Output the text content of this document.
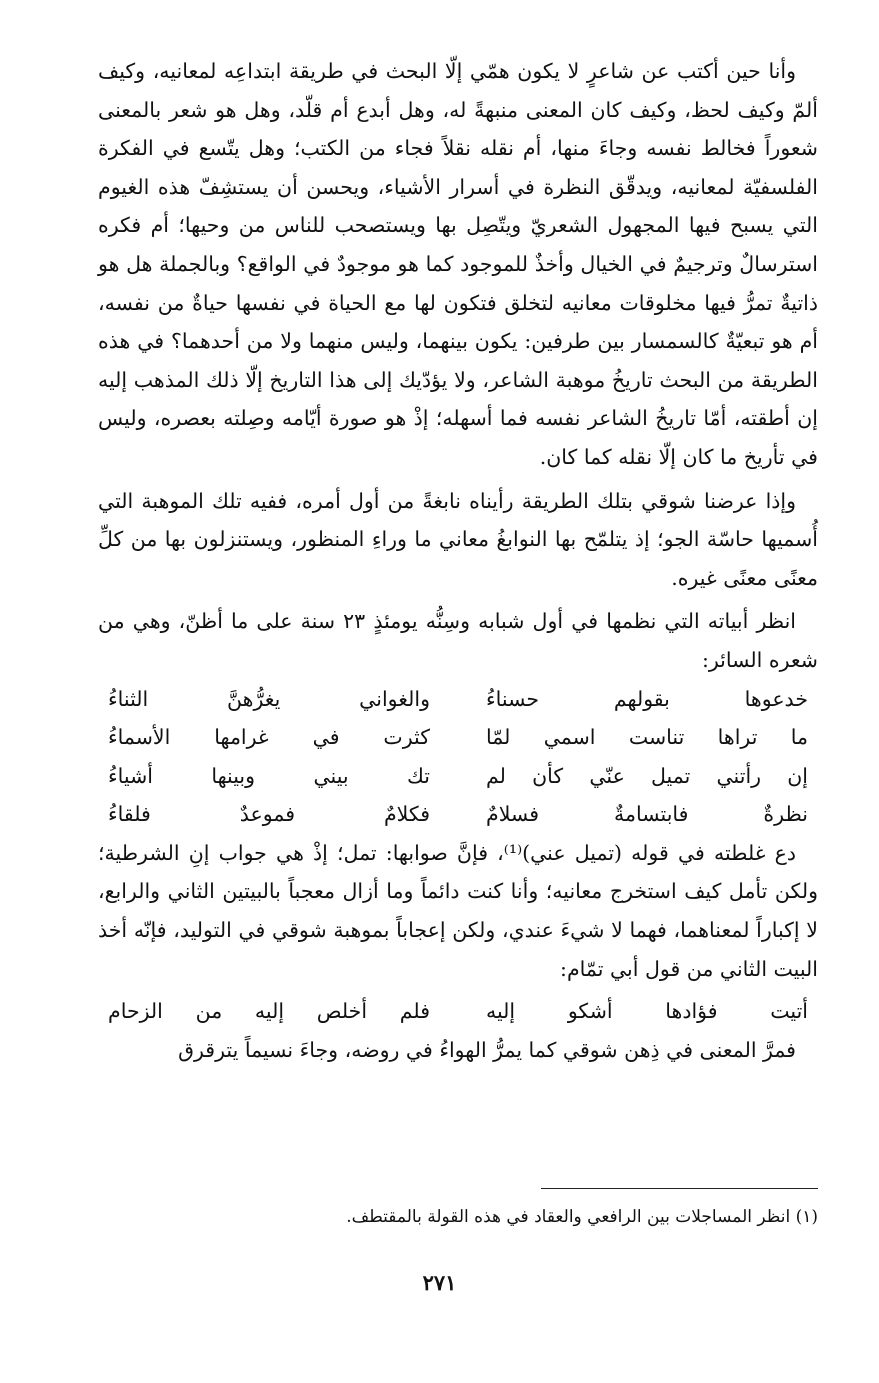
وأنا حين أكتب عن شاعرٍ لا يكون همّي إلّا البحث في طريقة ابتداعِه لمعانيه، وكيف ألمّ وكيف لحظ، وكيف كان المعنى منبهةً له، وهل أبدع أم قلّد، وهل هو شعر بالمعنى شعوراً فخالط نفسه وجاءَ منها، أم نقله نقلاً فجاء من الكتب؛ وهل يتّسع في الفكرة الفلسفيّة لمعانيه، ويدقّق النظرة في أسرار الأشياء، ويحسن أن يستشِفّ هذه الغيوم التي يسبح فيها المجهول الشعريّ ويتّصِل بها ويستصحب للناس من وحيها؛ أم فكره استرسالٌ وترجيمٌ في الخيال وأخذٌ للموجود كما هو موجودٌ في الواقع؟ وبالجملة هل هو ذاتيةٌ تمرُّ فيها مخلوقات معانيه لتخلق فتكون لها مع الحياة في نفسها حياةٌ من نفسه، أم هو تبعيّةٌ كالسمسار بين طرفين: يكون بينهما، وليس منهما ولا من أحدهما؟ في هذه الطريقة من البحث تاريخُ موهبة الشاعر، ولا يؤدّيك إلى هذا التاريخ إلّا ذلك المذهب إليه إن أطقته، أمّا تاريخُ الشاعر نفسه فما أسهله؛ إذْ هو صورة أيّامه وصِلته بعصره، وليس في تأريخ ما كان إلّا نقله كما كان.

وإذا عرضنا شوقي بتلك الطريقة رأيناه نابغةً من أول أمره، ففيه تلك الموهبة التي أُسميها حاسّة الجو؛ إذ يتلمّح بها النوابغُ معاني ما وراءِ المنظور، ويستنزلون بها من كلِّ معنًى معنًى غيره.

انظر أبياته التي نظمها في أول شبابه وسِنُّه يومئذٍ ٢٣ سنة على ما أظنّ، وهي من شعره السائر:

خدعوها بقولهم حسناءُ
والغواني يغرُّهنَّ الثناءُ
ما تراها تناست اسمي لمّا
كثرت في غرامها الأسماءُ
إن رأتني تميل عنّي كأن لم
تك بيني وبينها أشياءُ
نظرةٌ فابتسامةٌ فسلامٌ
فكلامٌ فموعدٌ فلقاءُ

دع غلطته في قوله (تميل عني)⁽¹⁾، فإنَّ صوابها: تمل؛ إذْ هي جواب إنِ الشرطية؛ ولكن تأمل كيف استخرج معانيه؛ وأنا كنت دائماً وما أزال معجباً بالبيتين الثاني والرابع، لا إكباراً لمعناهما، فهما لا شيءَ عندي، ولكن إعجاباً بموهبة شوقي في التوليد، فإنّه أخذ البيت الثاني من قول أبي تمّام:

أتيت فؤادها أشكو إليه
فلم أخلص إليه من الزحام

فمرَّ المعنى في ذِهن شوقي كما يمرُّ الهواءُ في روضه، وجاءَ نسيماً يترقرق

(١) انظر المساجلات بين الرافعي والعقاد في هذه القولة بالمقتطف.
٢٧١
